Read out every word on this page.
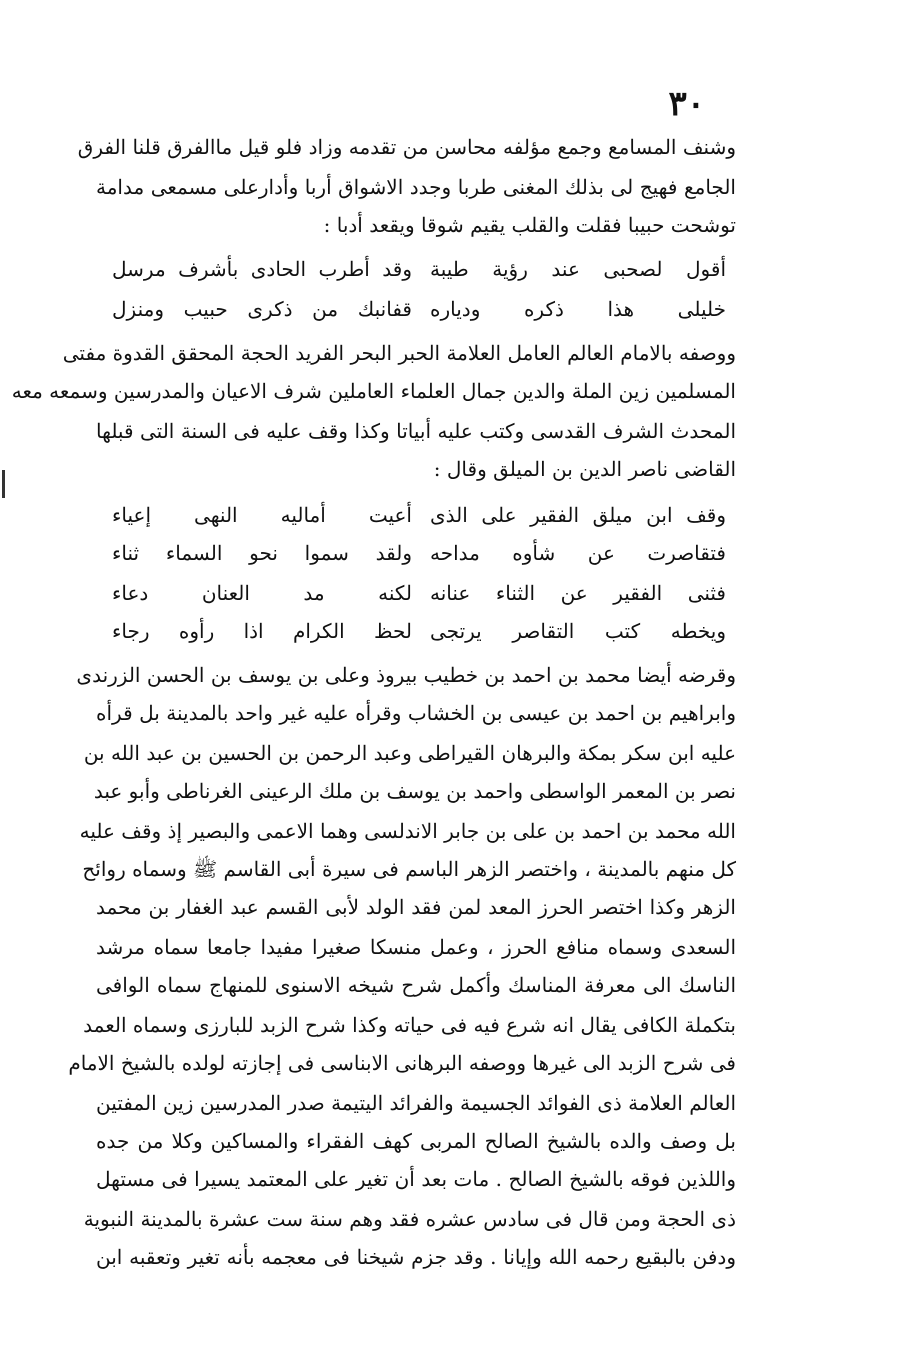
٣٠
وشنف المسامع وجمع مؤلفه محاسن من تقدمه وزاد فلو قيل ماالفرق قلنا الفرق
الجامع فهيج لى بذلك المغنى طربا وجدد الاشواق أربا وأدارعلى مسمعى مدامة
توشحت حبيبا فقلت والقلب يقيم شوقا ويقعد أدبا :
أقول لصحبى عند رؤية طيبة
وقد أطرب الحادى بأشرف مرسل
خليلى هذا ذكره ودياره
قفانبك من ذكرى حبيب ومنزل
ووصفه بالامام العالم العامل العلامة الحبر البحر الفريد الحجة المحقق القدوة مفتى
المسلمين زين الملة والدين جمال العلماء العاملين شرف الاعيان والمدرسين وسمعه معه
المحدث الشرف القدسى وكتب عليه أبياتا وكذا وقف عليه فى السنة التى قبلها
القاضى ناصر الدين بن الميلق وقال :
وقف ابن ميلق الفقير على الذى
أعيت أماليه النهى إعياء
فتقاصرت عن شأوه مداحه
ولقد سموا نحو السماء ثناء
فثنى الفقير عن الثناء عنانه
لكنه مد العنان دعاء
ويخطه كتب التقاصر يرتجى
لحظ الكرام اذا رأوه رجاء
وقرضه أيضا محمد بن احمد بن خطيب بيروذ وعلى بن يوسف بن الحسن الزرندى
وابراهيم بن احمد بن عيسى بن الخشاب وقرأه عليه غير واحد بالمدينة بل قرأه
عليه ابن سكر بمكة والبرهان القيراطى وعبد الرحمن بن الحسين بن عبد الله بن
نصر بن المعمر الواسطى واحمد بن يوسف بن ملك الرعينى الغرناطى وأبو عبد
الله محمد بن احمد بن على بن جابر الاندلسى وهما الاعمى والبصير إذ وقف عليه
كل منهم بالمدينة ، واختصر الزهر الباسم فى سيرة أبى القاسم ﷺ وسماه روائح
الزهر وكذا اختصر الحرز المعد لمن فقد الولد لأبى القسم عبد الغفار بن محمد
السعدى وسماه منافع الحرز ، وعمل منسكا صغيرا مفيدا جامعا سماه مرشد
الناسك الى معرفة المناسك وأكمل شرح شيخه الاسنوى للمنهاج سماه الوافى
بتكملة الكافى يقال انه شرع فيه فى حياته وكذا شرح الزبد للبارزى وسماه العمد
فى شرح الزبد الى غيرها ووصفه البرهانى الابناسى فى إجازته لولده بالشيخ الامام
العالم العلامة ذى الفوائد الجسيمة والفرائد اليتيمة صدر المدرسين زين المفتين
بل وصف والده بالشيخ الصالح المربى كهف الفقراء والمساكين وكلا من جده
واللذين فوقه بالشيخ الصالح . مات بعد أن تغير على المعتمد يسيرا فى مستهل
ذى الحجة ومن قال فى سادس عشره فقد وهم سنة ست عشرة بالمدينة النبوية
ودفن بالبقيع رحمه الله وإيانا . وقد جزم شيخنا فى معجمه بأنه تغير وتعقبه ابن
